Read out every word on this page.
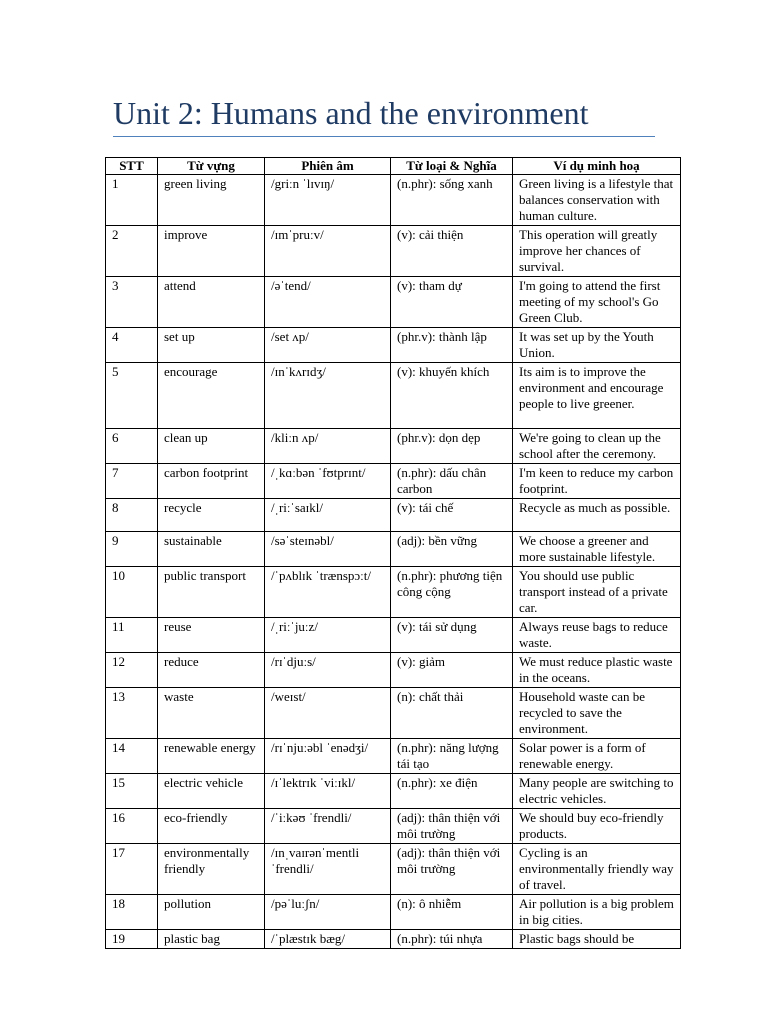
Unit 2: Humans and the environment
STT	Từ vựng	Phiên âm	Từ loại & Nghĩa	Ví dụ minh hoạ
1	green living	/griːn ˈlɪvɪŋ/	(n.phr): sống xanh	Green living is a lifestyle that balances conservation with human culture.
2	improve	/ɪmˈpruːv/	(v): cải thiện	This operation will greatly improve her chances of survival.
3	attend	/əˈtend/	(v): tham dự	I'm going to attend the first meeting of my school's Go Green Club.
4	set up	/set ʌp/	(phr.v): thành lập	It was set up by the Youth Union.
5	encourage	/ɪnˈkʌrɪdʒ/	(v): khuyến khích	Its aim is to improve the environment and encourage people to live greener.
6	clean up	/kliːn ʌp/	(phr.v): dọn dẹp	We're going to clean up the school after the ceremony.
7	carbon footprint	/ˌkɑːbən ˈfʊtprɪnt/	(n.phr): dấu chân carbon	I'm keen to reduce my carbon footprint.
8	recycle	/ˌriːˈsaɪkl/	(v): tái chế	Recycle as much as possible.
9	sustainable	/səˈsteɪnəbl/	(adj): bền vững	We choose a greener and more sustainable lifestyle.
10	public transport	/ˈpʌblɪk ˈtrænspɔːt/	(n.phr): phương tiện công cộng	You should use public transport instead of a private car.
11	reuse	/ˌriːˈjuːz/	(v): tái sử dụng	Always reuse bags to reduce waste.
12	reduce	/rɪˈdjuːs/	(v): giảm	We must reduce plastic waste in the oceans.
13	waste	/weɪst/	(n): chất thải	Household waste can be recycled to save the environment.
14	renewable energy	/rɪˈnjuːəbl ˈenədʒi/	(n.phr): năng lượng tái tạo	Solar power is a form of renewable energy.
15	electric vehicle	/ɪˈlektrɪk ˈviːɪkl/	(n.phr): xe điện	Many people are switching to electric vehicles.
16	eco-friendly	/ˈiːkəʊ ˈfrendli/	(adj): thân thiện với môi trường	We should buy eco-friendly products.
17	environmentally friendly	/ɪnˌvaɪrənˈmentli ˈfrendli/	(adj): thân thiện với môi trường	Cycling is an environmentally friendly way of travel.
18	pollution	/pəˈluːʃn/	(n): ô nhiễm	Air pollution is a big problem in big cities.
19	plastic bag	/ˈplæstɪk bæg/	(n.phr): túi nhựa	Plastic bags should be
